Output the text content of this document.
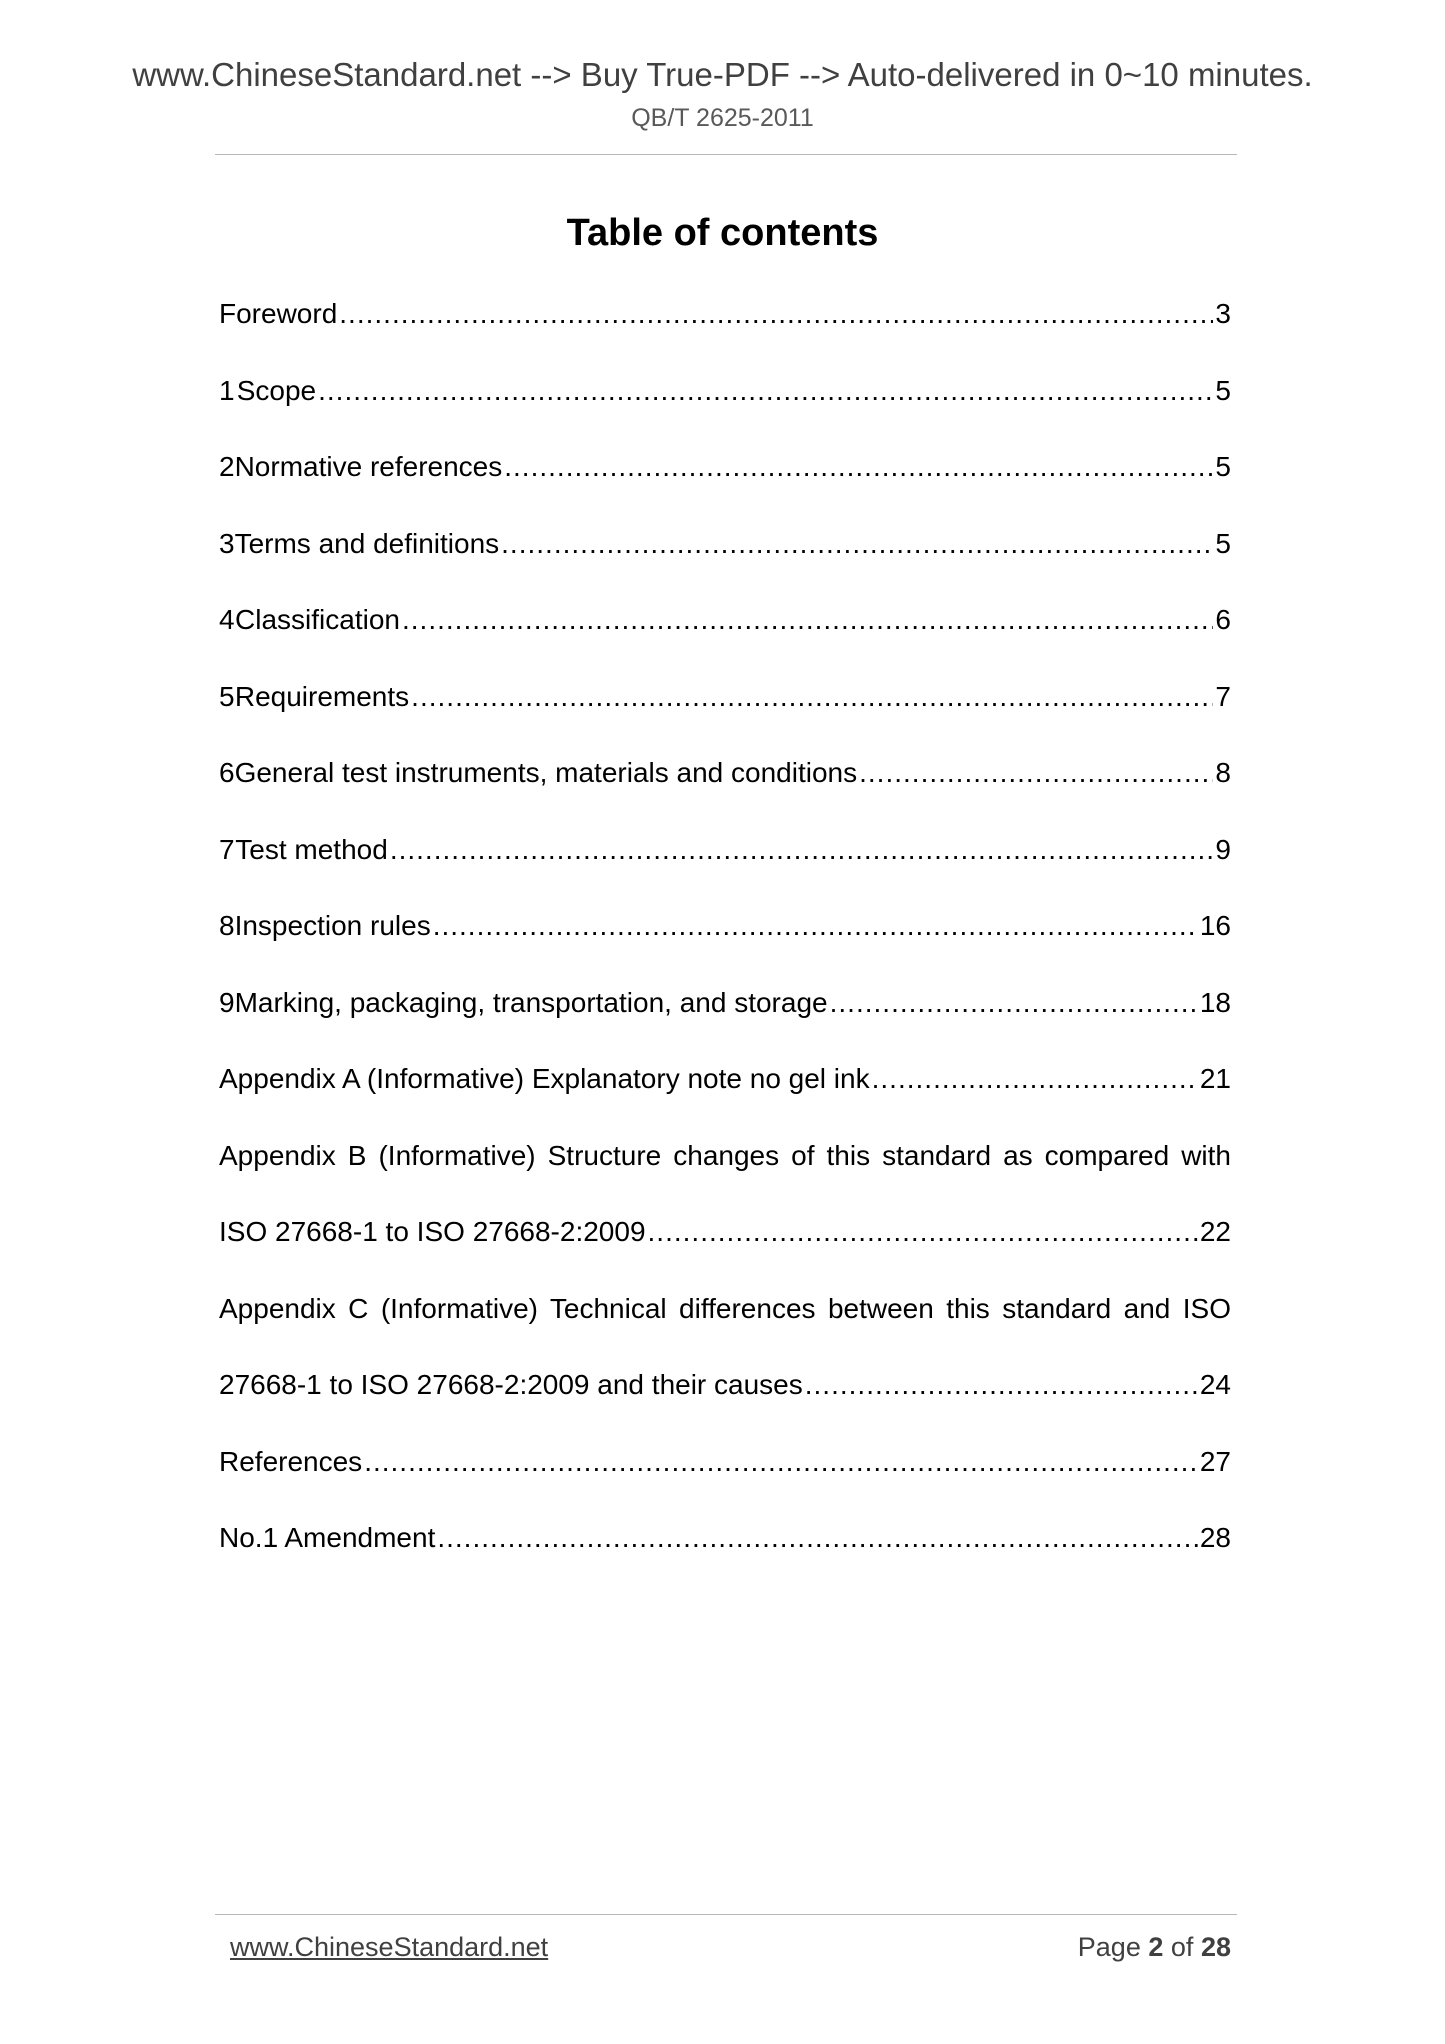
www.ChineseStandard.net --> Buy True-PDF --> Auto-delivered in 0~10 minutes.
QB/T 2625-2011
Table of contents
Foreword .....	3
1 Scope .....	5
2 Normative references .....	5
3 Terms and definitions .....	5
4 Classification .....	6
5 Requirements .....	7
6 General test instruments, materials and conditions .....	8
7 Test method .....	9
8 Inspection rules .....	16
9 Marking, packaging, transportation, and storage .....	18
Appendix A (Informative) Explanatory note no gel ink .....	21
Appendix B (Informative) Structure changes of this standard as compared with
ISO 27668-1 to ISO 27668-2:2009 .....	22
Appendix C (Informative) Technical differences between this standard and ISO
27668-1 to ISO 27668-2:2009 and their causes .....	24
References .....	27
No.1 Amendment .....	28
www.ChineseStandard.net	Page 2 of 28
